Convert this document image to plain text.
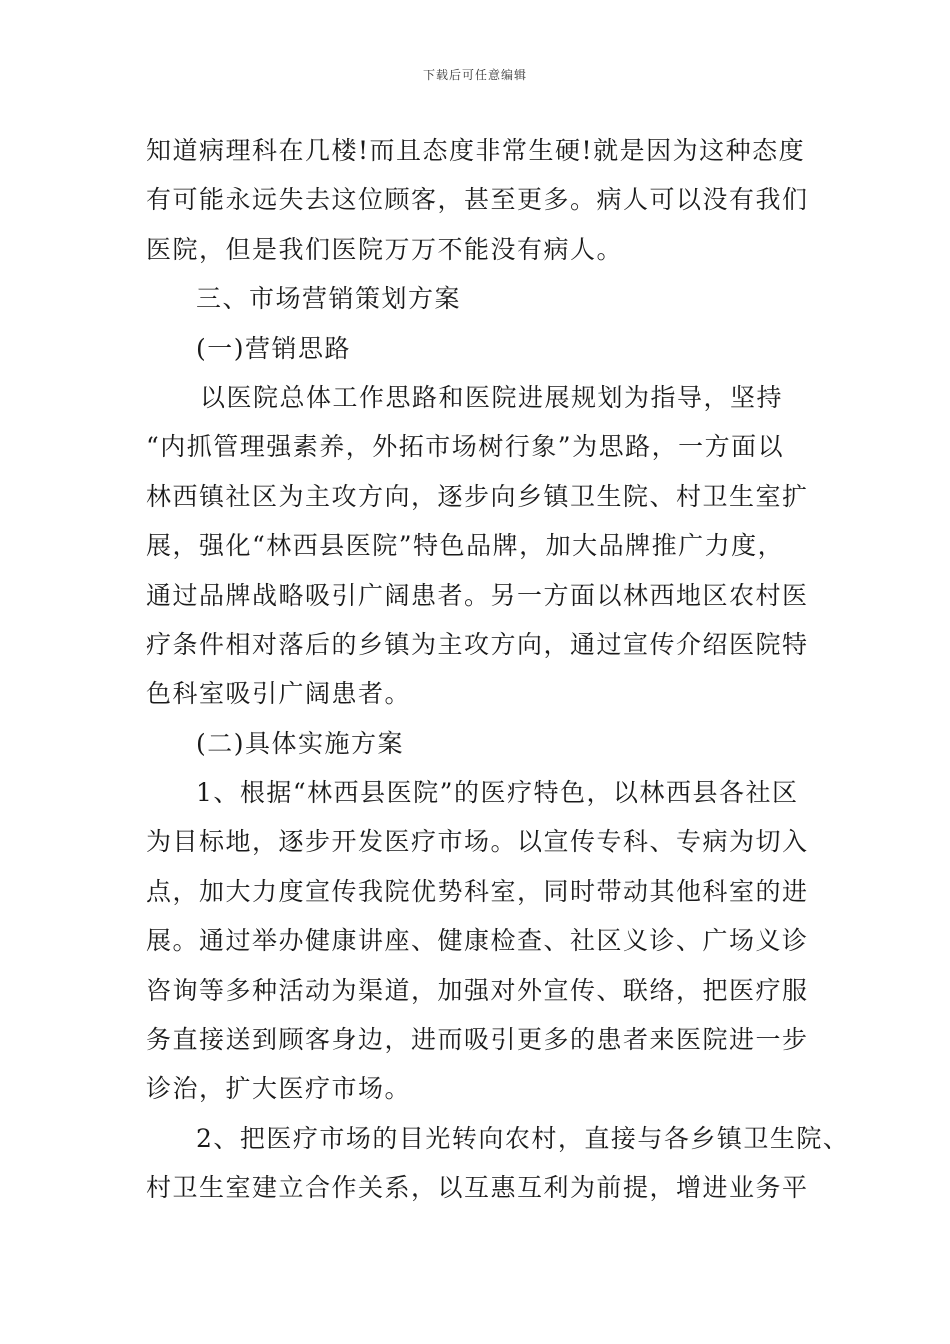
下载后可任意编辑
知道病理科在几楼!而且态度非常生硬!就是因为这种态度
有可能永远失去这位顾客，甚至更多。病人可以没有我们
医院，但是我们医院万万不能没有病人。
三、市场营销策划方案
(一)营销思路
以医院总体工作思路和医院进展规划为指导，坚持
“内抓管理强素养，外拓市场树行象”为思路，一方面以
林西镇社区为主攻方向，逐步向乡镇卫生院、村卫生室扩
展，强化“林西县医院”特色品牌，加大品牌推广力度，
通过品牌战略吸引广阔患者。另一方面以林西地区农村医
疗条件相对落后的乡镇为主攻方向，通过宣传介绍医院特
色科室吸引广阔患者。
(二)具体实施方案
1、根据“林西县医院”的医疗特色，以林西县各社区
为目标地，逐步开发医疗市场。以宣传专科、专病为切入
点，加大力度宣传我院优势科室，同时带动其他科室的进
展。通过举办健康讲座、健康检查、社区义诊、广场义诊
咨询等多种活动为渠道，加强对外宣传、联络，把医疗服
务直接送到顾客身边，进而吸引更多的患者来医院进一步
诊治，扩大医疗市场。
2、把医疗市场的目光转向农村，直接与各乡镇卫生院、
村卫生室建立合作关系，以互惠互利为前提，增进业务平
